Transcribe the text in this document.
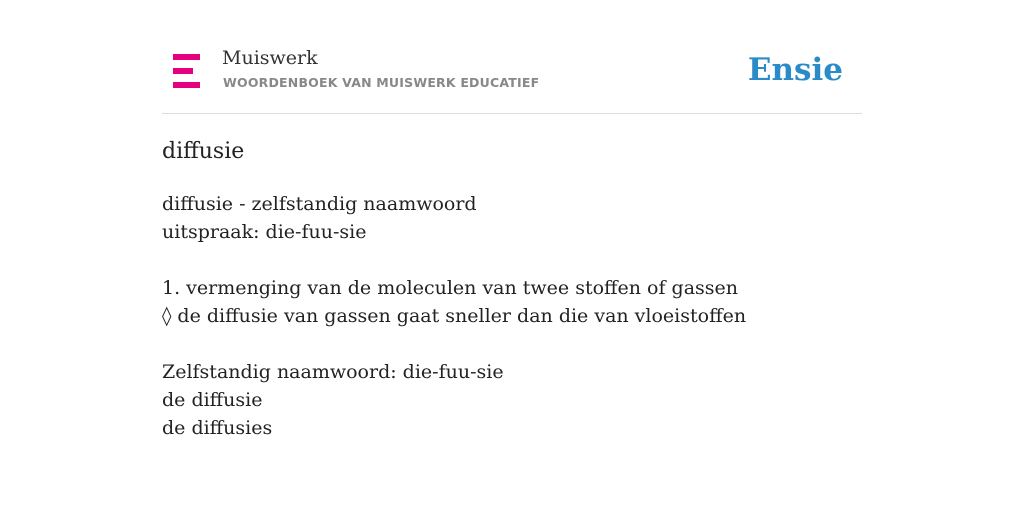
Muiswerk
WOORDENBOEK VAN MUISWERK EDUCATIEF	Ensie
diffusie
diffusie - zelfstandig naamwoord
uitspraak: die-fuu-sie
1. vermenging van de moleculen van twee stoffen of gassen
◊ de diffusie van gassen gaat sneller dan die van vloeistoffen
Zelfstandig naamwoord: die-fuu-sie
de diffusie
de diffusies
